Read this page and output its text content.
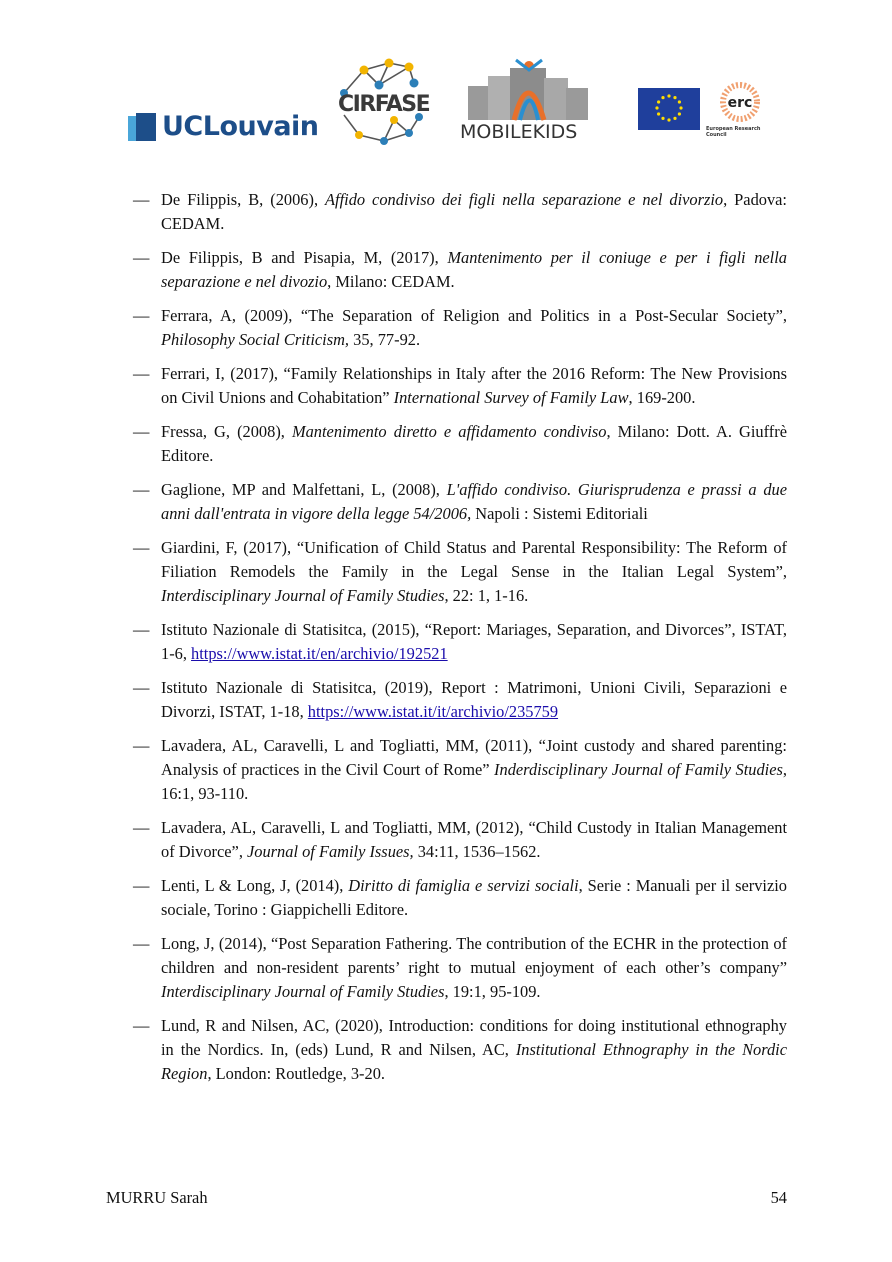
UCLouvain
CIRFASE
MOBILEKIDS
erc
European Research Council
— De Filippis, B, (2006), Affido condiviso dei figli nella separazione e nel divorzio, Padova: CEDAM.
— De Filippis, B and Pisapia, M, (2017), Mantenimento per il coniuge e per i figli nella separazione e nel divozio, Milano: CEDAM.
— Ferrara, A, (2009), “The Separation of Religion and Politics in a Post-Secular Society”, Philosophy Social Criticism, 35, 77-92.
— Ferrari, I, (2017), “Family Relationships in Italy after the 2016 Reform: The New Provisions on Civil Unions and Cohabitation” International Survey of Family Law, 169-200.
— Fressa, G, (2008), Mantenimento diretto e affidamento condiviso, Milano: Dott. A. Giuffrè Editore.
— Gaglione, MP and Malfettani, L, (2008), L'affido condiviso. Giurisprudenza e prassi a due anni dall'entrata in vigore della legge 54/2006, Napoli : Sistemi Editoriali
— Giardini, F, (2017), “Unification of Child Status and Parental Responsibility: The Reform of Filiation Remodels the Family in the Legal Sense in the Italian Legal System”, Interdisciplinary Journal of Family Studies, 22: 1, 1-16.
— Istituto Nazionale di Statisitca, (2015), “Report: Mariages, Separation, and Divorces”, ISTAT, 1-6, https://www.istat.it/en/archivio/192521
— Istituto Nazionale di Statisitca, (2019), Report : Matrimoni, Unioni Civili, Separazioni e Divorzi, ISTAT, 1-18, https://www.istat.it/it/archivio/235759
— Lavadera, AL, Caravelli, L and Togliatti, MM, (2011), “Joint custody and shared parenting: Analysis of practices in the Civil Court of Rome” Inderdisciplinary Journal of Family Studies, 16:1, 93-110.
— Lavadera, AL, Caravelli, L and Togliatti, MM, (2012), “Child Custody in Italian Management of Divorce”, Journal of Family Issues, 34:11, 1536–1562.
— Lenti, L & Long, J, (2014), Diritto di famiglia e servizi sociali, Serie : Manuali per il servizio sociale, Torino : Giappichelli Editore.
— Long, J, (2014), “Post Separation Fathering. The contribution of the ECHR in the protection of children and non-resident parents’ right to mutual enjoyment of each other’s company” Interdisciplinary Journal of Family Studies, 19:1, 95-109.
— Lund, R and Nilsen, AC, (2020), Introduction: conditions for doing institutional ethnography in the Nordics. In, (eds) Lund, R and Nilsen, AC, Institutional Ethnography in the Nordic Region, London: Routledge, 3-20.
MURRU Sarah	54
